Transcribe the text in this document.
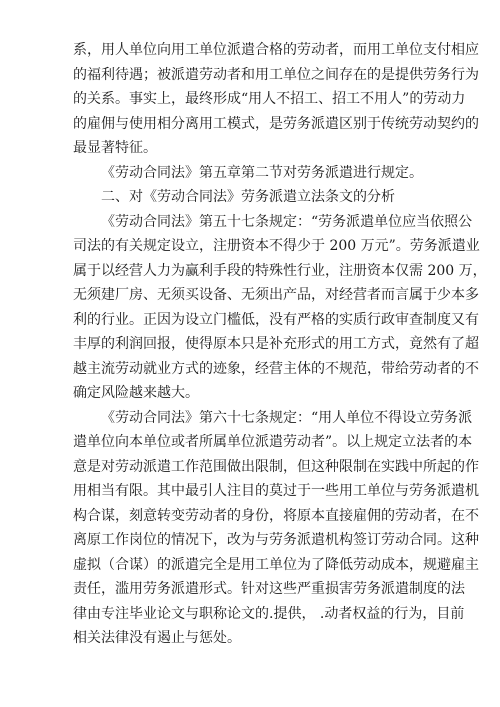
系，用人单位向用工单位派遣合格的劳动者，而用工单位支付相应
的福利待遇；被派遣劳动者和用工单位之间存在的是提供劳务行为
的关系。事实上，最终形成“用人不招工、招工不用人”的劳动力
的雇佣与使用相分离用工模式，是劳务派遣区别于传统劳动契约的
最显著特征。
《劳动合同法》第五章第二节对劳务派遣进行规定。
二、对《劳动合同法》劳务派遣立法条文的分析
《劳动合同法》第五十七条规定：“劳务派遣单位应当依照公
司法的有关规定设立，注册资本不得少于 200 万元”。劳务派遣业
属于以经营人力为赢利手段的特殊性行业，注册资本仅需 200 万，
无须建厂房、无须买设备、无须出产品，对经营者而言属于少本多
利的行业。正因为设立门槛低，没有严格的实质行政审查制度又有
丰厚的利润回报，使得原本只是补充形式的用工方式，竟然有了超
越主流劳动就业方式的迹象，经营主体的不规范，带给劳动者的不
确定风险越来越大。
《劳动合同法》第六十七条规定：“用人单位不得设立劳务派
遣单位向本单位或者所属单位派遣劳动者”。以上规定立法者的本
意是对劳动派遣工作范围做出限制，但这种限制在实践中所起的作
用相当有限。其中最引人注目的莫过于一些用工单位与劳务派遣机
构合谋，刻意转变劳动者的身份，将原本直接雇佣的劳动者，在不
离原工作岗位的情况下，改为与劳务派遣机构签订劳动合同。这种
虚拟（合谋）的派遣完全是用工单位为了降低劳动成本，规避雇主
责任，滥用劳务派遣形式。针对这些严重损害劳务派遣制度的法
律由专注毕业论文与职称论文的.提供， .动者权益的行为，目前
相关法律没有遏止与惩处。
